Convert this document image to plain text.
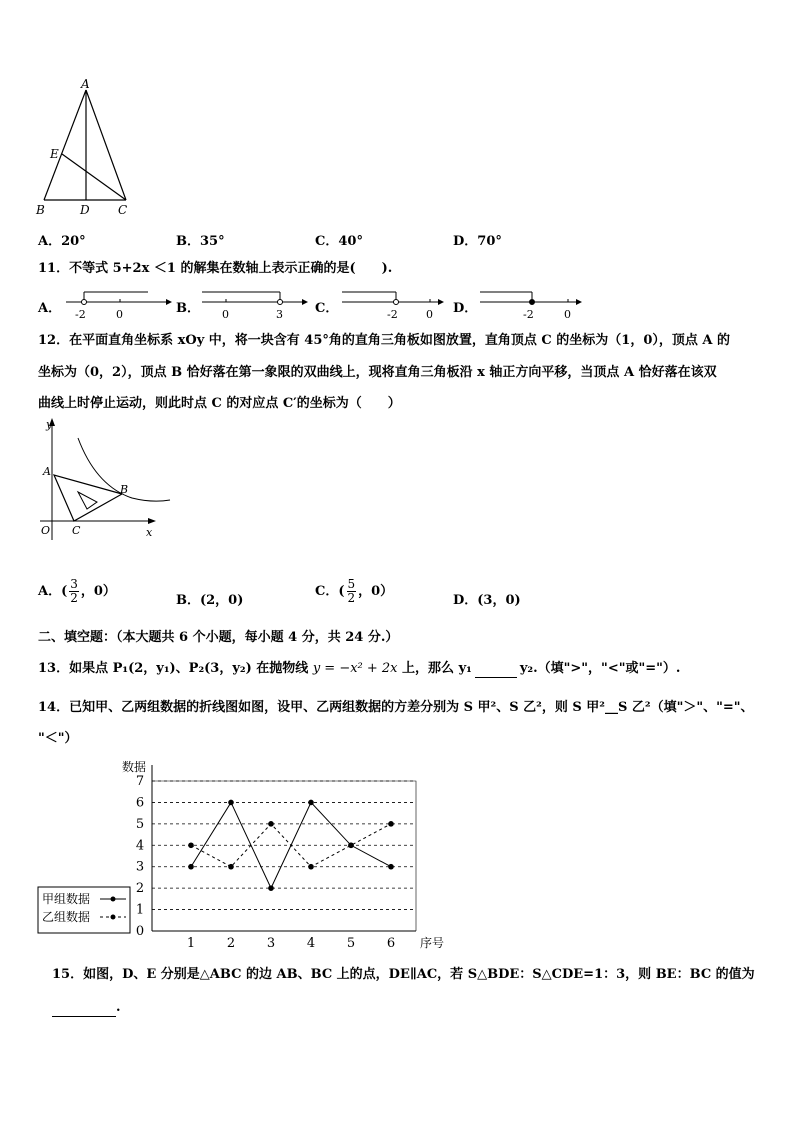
A
E
B	D C
A．20°	B．35°	C．40°	D．70°
11．不等式 5+2x ＜1 的解集在数轴上表示正确的是(　　).
A． -2	0	B． 0	3 C．	-2	0 D．	-2	0
12．在平面直角坐标系 xOy 中，将一块含有 45°角的直角三角板如图放置，直角顶点 C 的坐标为（1，0），顶点 A 的
坐标为（0，2），顶点 B 恰好落在第一象限的双曲线上，现将直角三角板沿 x 轴正方向平移，当顶点 A 恰好落在该双
曲线上时停止运动，则此时点 C 的对应点 C′的坐标为（　　）
y
A
B
O C	x
A．( $\frac{3}{2}$ ，0）
B．(2，0)
C．( $\frac{5}{2}$ ，0）
D．(3，0)
二、填空题：（本大题共 6 个小题，每小题 4 分，共 24 分.）
13．如果点 P₁(2，y₁)、P₂(3，y₂) 在抛物线 y = −x² + 2x 上，那么 y₁	y₂.（填">"，"<"或"="）.
14．已知甲、乙两组数据的折线图如图，设甲、乙两组数据的方差分别为 S 甲²、S 乙²，则 S 甲²__S 乙²（填"＞"、"="、
"＜"）
数据
序号
0
1
2
3
4
5
6
7
1 2 3 4 5 6
甲组数据
乙组数据
15．如图，D、E 分别是△ABC 的边 AB、BC 上的点，DE∥AC，若 S△BDE：S△CDE=1：3，则 BE：BC 的值为
.
